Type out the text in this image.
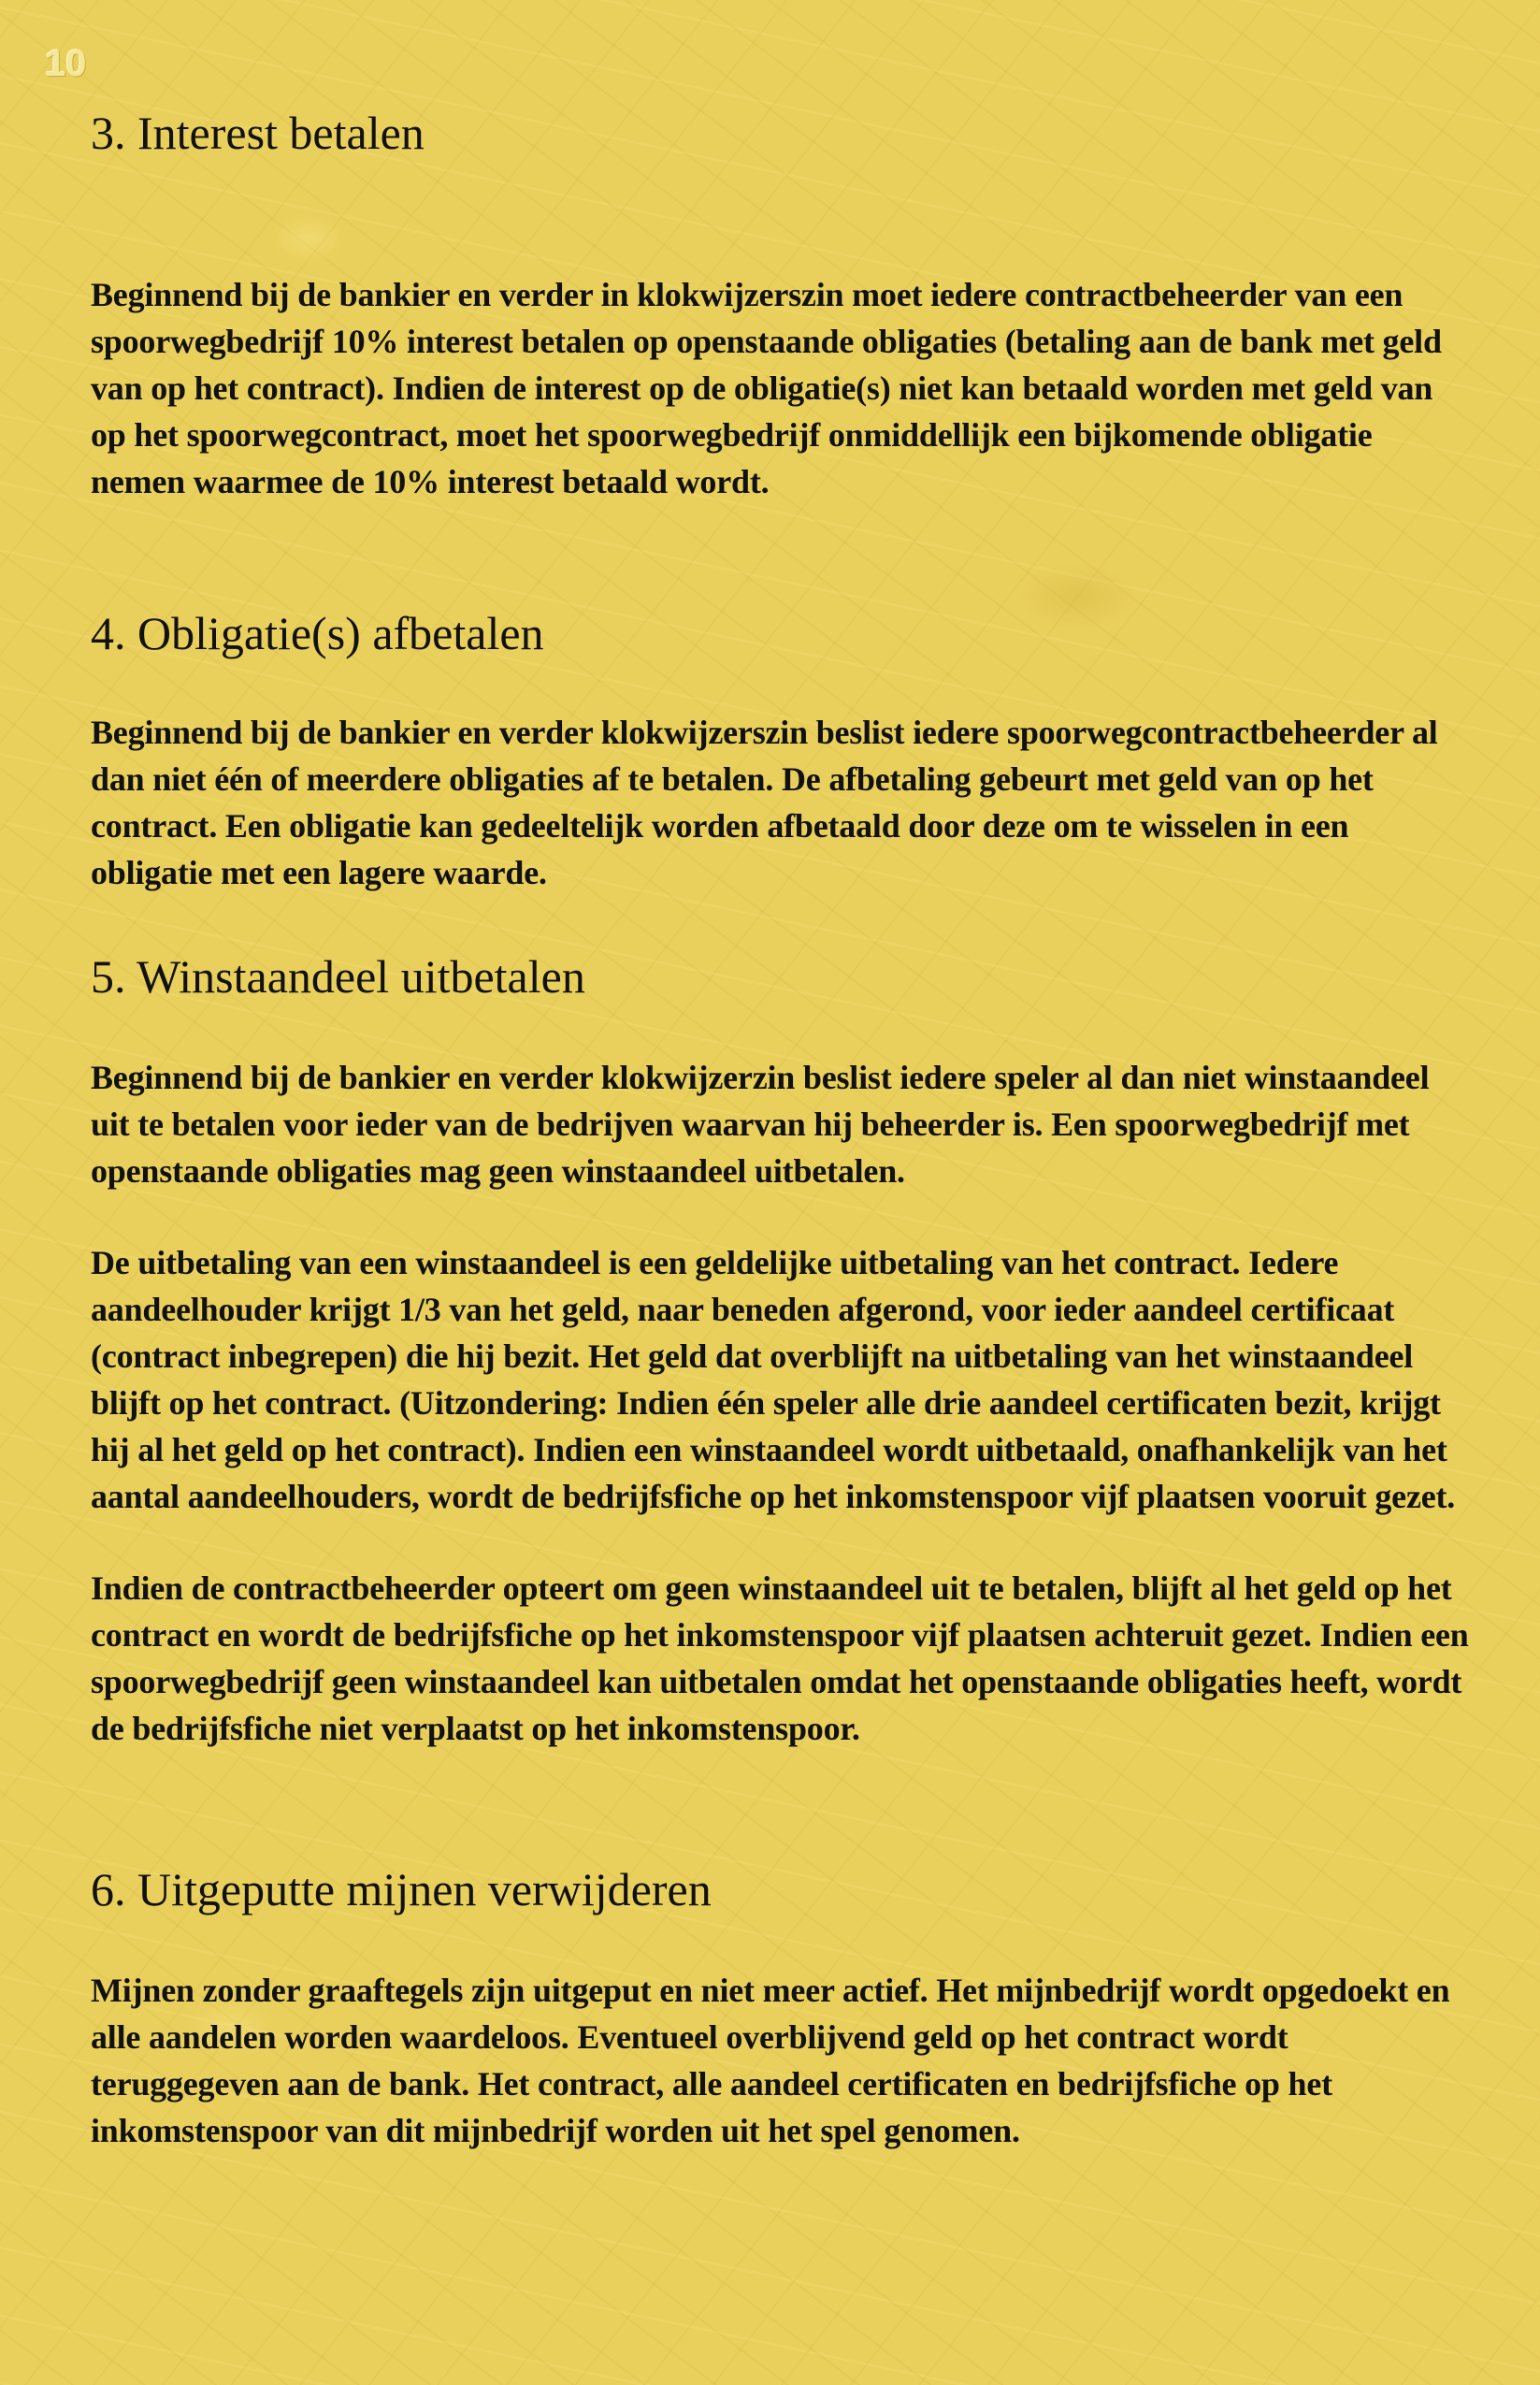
10
3. Interest betalen

Beginnend bij de bankier en verder in klokwijzerszin moet iedere contractbeheerder van een spoorwegbedrijf 10% interest betalen op openstaande obligaties (betaling aan de bank met geld van op het contract). Indien de interest op de obligatie(s) niet kan betaald worden met geld van op het spoorwegcontract, moet het spoorwegbedrijf onmiddellijk een bijkomende obligatie nemen waarmee de 10% interest betaald wordt.

4. Obligatie(s) afbetalen

Beginnend bij de bankier en verder klokwijzerszin beslist iedere spoorwegcontractbeheerder al dan niet één of meerdere obligaties af te betalen. De afbetaling gebeurt met geld van op het contract. Een obligatie kan gedeeltelijk worden afbetaald door deze om te wisselen in een obligatie met een lagere waarde.

5. Winstaandeel uitbetalen

Beginnend bij de bankier en verder klokwijzerzin beslist iedere speler al dan niet winstaandeel uit te betalen voor ieder van de bedrijven waarvan hij beheerder is. Een spoorwegbedrijf met openstaande obligaties mag geen winstaandeel uitbetalen.

De uitbetaling van een winstaandeel is een geldelijke uitbetaling van het contract. Iedere aandeelhouder krijgt 1/3 van het geld, naar beneden afgerond, voor ieder aandeel certificaat (contract inbegrepen) die hij bezit. Het geld dat overblijft na uitbetaling van het winstaandeel blijft op het contract. (Uitzondering: Indien één speler alle drie aandeel certificaten bezit, krijgt hij al het geld op het contract). Indien een winstaandeel wordt uitbetaald, onafhankelijk van het aantal aandeelhouders, wordt de bedrijfsfiche op het inkomstenspoor vijf plaatsen vooruit gezet.

Indien de contractbeheerder opteert om geen winstaandeel uit te betalen, blijft al het geld op het contract en wordt de bedrijfsfiche op het inkomstenspoor vijf plaatsen achteruit gezet. Indien een spoorwegbedrijf geen winstaandeel kan uitbetalen omdat het openstaande obligaties heeft, wordt de bedrijfsfiche niet verplaatst op het inkomstenspoor.

6. Uitgeputte mijnen verwijderen

Mijnen zonder graaftegels zijn uitgeput en niet meer actief. Het mijnbedrijf wordt opgedoekt en alle aandelen worden waardeloos. Eventueel overblijvend geld op het contract wordt teruggegeven aan de bank. Het contract, alle aandeel certificaten en bedrijfsfiche op het inkomstenspoor van dit mijnbedrijf worden uit het spel genomen.
